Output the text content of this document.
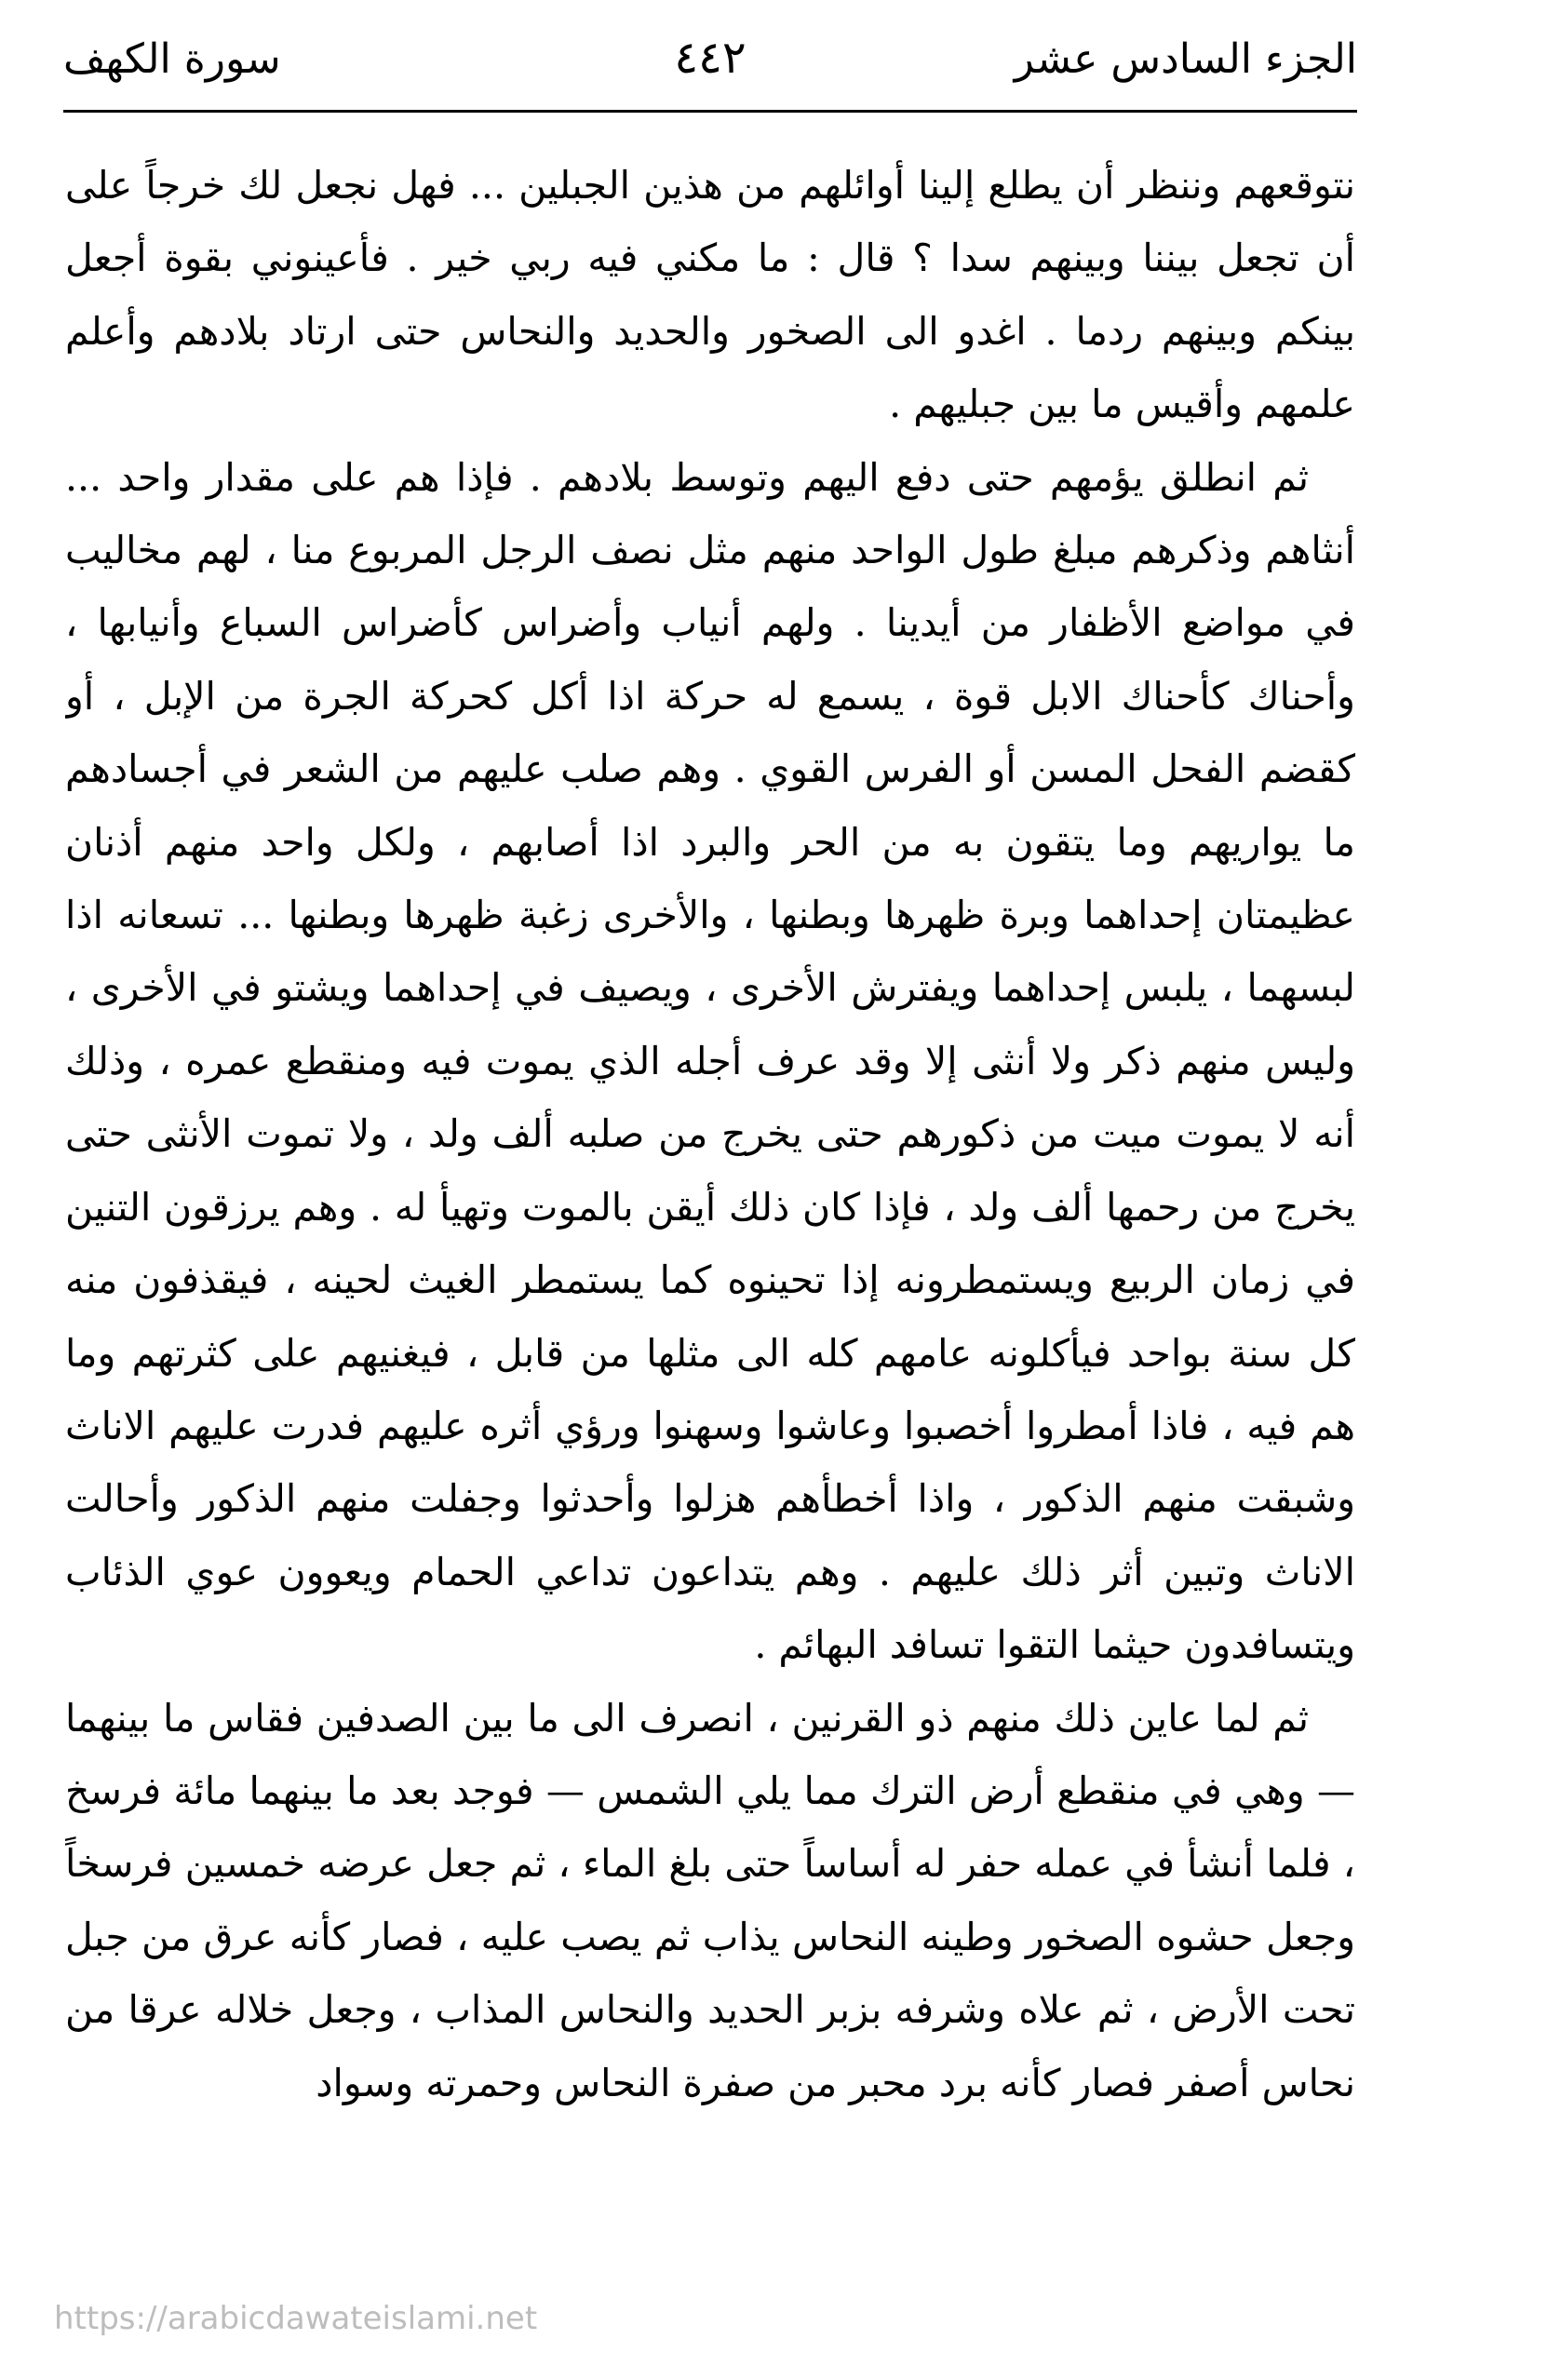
الجزء السادس عشر
٤٤٢
سورة الكهف

نتوقعهم وننظر أن يطلع إلينا أوائلهم من هذين الجبلين ... فهل نجعل لك خرجاً على أن تجعل بيننا وبينهم سدا ؟ قال : ما مكني فيه ربي خير . فأعينوني بقوة أجعل بينكم وبينهم ردما . اغدو الى الصخور والحديد والنحاس حتى ارتاد بلادهم وأعلم علمهم وأقيس ما بين جبليهم .

ثم انطلق يؤمهم حتى دفع اليهم وتوسط بلادهم . فإذا هم على مقدار واحد ... أنثاهم وذكرهم مبلغ طول الواحد منهم مثل نصف الرجل المربوع منا ، لهم مخاليب في مواضع الأظفار من أيدينا . ولهم أنياب وأضراس كأضراس السباع وأنيابها ، وأحناك كأحناك الابل قوة ، يسمع له حركة اذا أكل كحركة الجرة من الإبل ، أو كقضم الفحل المسن أو الفرس القوي . وهم صلب عليهم من الشعر في أجسادهم ما يواريهم وما يتقون به من الحر والبرد اذا أصابهم ، ولكل واحد منهم أذنان عظيمتان إحداهما وبرة ظهرها وبطنها ، والأخرى زغبة ظهرها وبطنها ... تسعانه اذا لبسهما ، يلبس إحداهما ويفترش الأخرى ، ويصيف في إحداهما ويشتو في الأخرى ، وليس منهم ذكر ولا أنثى إلا وقد عرف أجله الذي يموت فيه ومنقطع عمره ، وذلك أنه لا يموت ميت من ذكورهم حتى يخرج من صلبه ألف ولد ، ولا تموت الأنثى حتى يخرج من رحمها ألف ولد ، فإذا كان ذلك أيقن بالموت وتهيأ له . وهم يرزقون التنين في زمان الربيع ويستمطرونه إذا تحينوه كما يستمطر الغيث لحينه ، فيقذفون منه كل سنة بواحد فيأكلونه عامهم كله الى مثلها من قابل ، فيغنيهم على كثرتهم وما هم فيه ، فاذا أمطروا أخصبوا وعاشوا وسهنوا ورؤي أثره عليهم فدرت عليهم الاناث وشبقت منهم الذكور ، واذا أخطأهم هزلوا وأحدثوا وجفلت منهم الذكور وأحالت الاناث وتبين أثر ذلك عليهم . وهم يتداعون تداعي الحمام ويعوون عوي الذئاب ويتسافدون حيثما التقوا تسافد البهائم .

ثم لما عاين ذلك منهم ذو القرنين ، انصرف الى ما بين الصدفين فقاس ما بينهما — وهي في منقطع أرض الترك مما يلي الشمس — فوجد بعد ما بينهما مائة فرسخ ، فلما أنشأ في عمله حفر له أساساً حتى بلغ الماء ، ثم جعل عرضه خمسين فرسخاً وجعل حشوه الصخور وطينه النحاس يذاب ثم يصب عليه ، فصار كأنه عرق من جبل تحت الأرض ، ثم علاه وشرفه بزبر الحديد والنحاس المذاب ، وجعل خلاله عرقا من نحاس أصفر فصار كأنه برد محبر من صفرة النحاس وحمرته وسواد

https://arabicdawateislami.net
